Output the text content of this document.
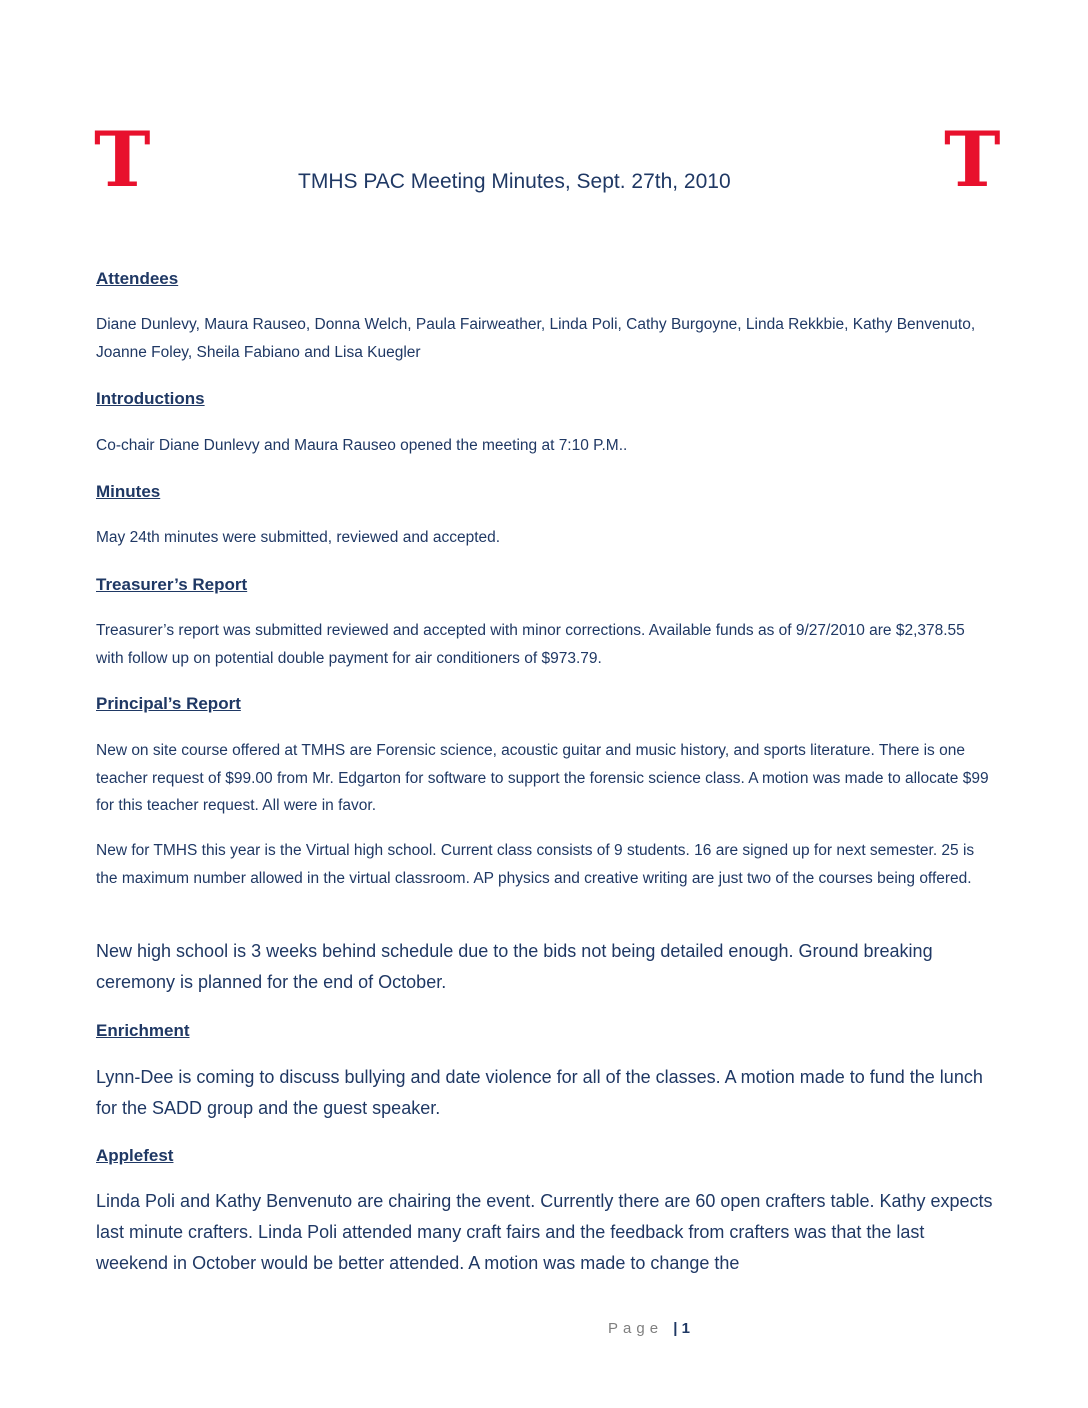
T	T
TMHS PAC Meeting Minutes, Sept. 27th, 2010
Attendees
Diane Dunlevy, Maura Rauseo, Donna Welch, Paula Fairweather, Linda Poli, Cathy Burgoyne, Linda Rekkbie, Kathy Benvenuto, Joanne Foley, Sheila Fabiano and Lisa Kuegler
Introductions
Co-chair Diane Dunlevy and Maura Rauseo opened the meeting at 7:10 P.M..
Minutes
May 24th minutes were submitted, reviewed and accepted.
Treasurer’s Report
Treasurer’s report was submitted reviewed and accepted with minor corrections. Available funds as of 9/27/2010 are $2,378.55 with follow up on potential double payment for air conditioners of $973.79.
Principal’s Report
New on site course offered at TMHS are Forensic science, acoustic guitar and music history, and sports literature. There is one teacher request of $99.00 from Mr. Edgarton for software to support the forensic science class. A motion was made to allocate $99 for this teacher request. All were in favor.
New for TMHS this year is the Virtual high school. Current class consists of 9 students. 16 are signed up for next semester. 25 is the maximum number allowed in the virtual classroom. AP physics and creative writing are just two of the courses being offered.
New high school is 3 weeks behind schedule due to the bids not being detailed enough. Ground breaking ceremony is planned for the end of October.
Enrichment
Lynn-Dee is coming to discuss bullying and date violence for all of the classes. A motion made to fund the lunch for the SADD group and the guest speaker.
Applefest
Linda Poli and Kathy Benvenuto are chairing the event. Currently there are 60 open crafters table. Kathy expects last minute crafters. Linda Poli attended many craft fairs and the feedback from crafters was that the last weekend in October would be better attended. A motion was made to change the
Page | 1
